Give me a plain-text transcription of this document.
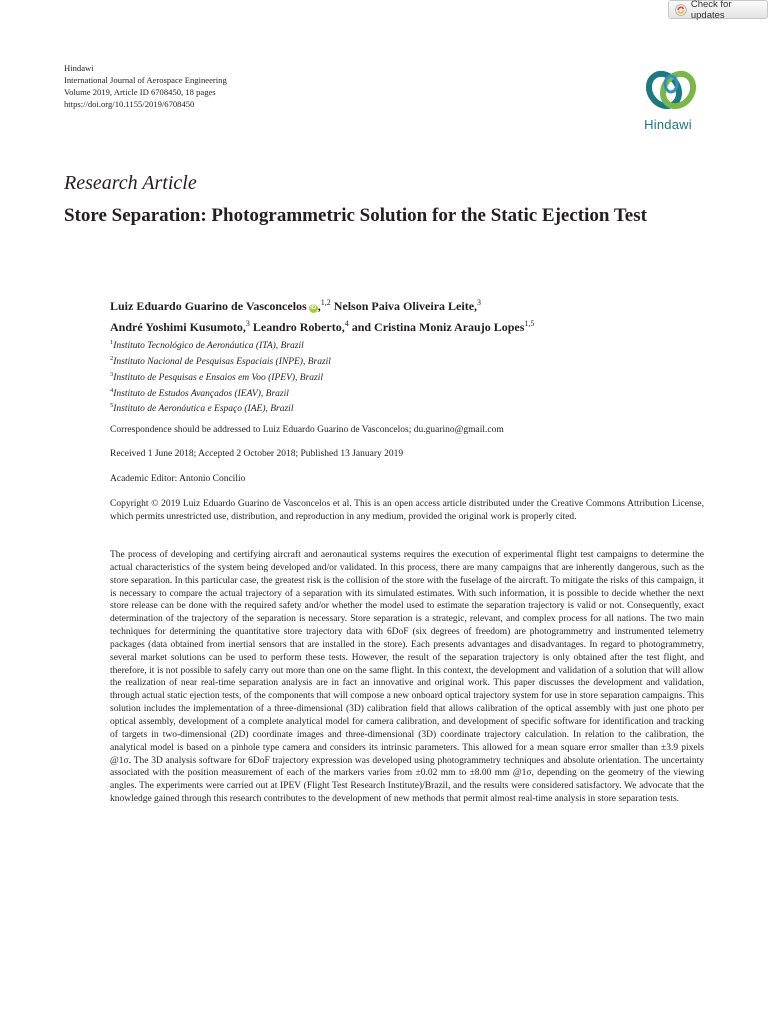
Check for updates
Hindawi
International Journal of Aerospace Engineering
Volume 2019, Article ID 6708450, 18 pages
https://doi.org/10.1155/2019/6708450
Hindawi
Research Article
Store Separation: Photogrammetric Solution for the Static Ejection Test
Luiz Eduardo Guarino de Vasconcelos iD ,$^{1,2}$ Nelson Paiva Oliveira Leite,$^3$
André Yoshimi Kusumoto,$^3$ Leandro Roberto,$^4$ and Cristina Moniz Araujo Lopes$^{1,5}$
$^1$Instituto Tecnológico de Aeronáutica (ITA), Brazil
$^2$Instituto Nacional de Pesquisas Espaciais (INPE), Brazil
$^3$Instituto de Pesquisas e Ensaios em Voo (IPEV), Brazil
$^4$Instituto de Estudos Avançados (IEAV), Brazil
$^5$Instituto de Aeronáutica e Espaço (IAE), Brazil

Correspondence should be addressed to Luiz Eduardo Guarino de Vasconcelos; du.guarino@gmail.com

Received 1 June 2018; Accepted 2 October 2018; Published 13 January 2019

Academic Editor: Antonio Concilio

Copyright © 2019 Luiz Eduardo Guarino de Vasconcelos et al. This is an open access article distributed under the Creative Commons Attribution License, which permits unrestricted use, distribution, and reproduction in any medium, provided the original work is properly cited.

The process of developing and certifying aircraft and aeronautical systems requires the execution of experimental flight test campaigns to determine the actual characteristics of the system being developed and/or validated. In this process, there are many campaigns that are inherently dangerous, such as the store separation. In this particular case, the greatest risk is the collision of the store with the fuselage of the aircraft. To mitigate the risks of this campaign, it is necessary to compare the actual trajectory of a separation with its simulated estimates. With such information, it is possible to decide whether the next store release can be done with the required safety and/or whether the model used to estimate the separation trajectory is valid or not. Consequently, exact determination of the trajectory of the separation is necessary. Store separation is a strategic, relevant, and complex process for all nations. The two main techniques for determining the quantitative store trajectory data with 6DoF (six degrees of freedom) are photogrammetry and instrumented telemetry packages (data obtained from inertial sensors that are installed in the store). Each presents advantages and disadvantages. In regard to photogrammetry, several market solutions can be used to perform these tests. However, the result of the separation trajectory is only obtained after the test flight, and therefore, it is not possible to safely carry out more than one on the same flight. In this context, the development and validation of a solution that will allow the realization of near real-time separation analysis are in fact an innovative and original work. This paper discusses the development and validation, through actual static ejection tests, of the components that will compose a new onboard optical trajectory system for use in store separation campaigns. This solution includes the implementation of a three-dimensional (3D) calibration field that allows calibration of the optical assembly with just one photo per optical assembly, development of a complete analytical model for camera calibration, and development of specific software for identification and tracking of targets in two-dimensional (2D) coordinate images and three-dimensional (3D) coordinate trajectory calculation. In relation to the calibration, the analytical model is based on a pinhole type camera and considers its intrinsic parameters. This allowed for a mean square error smaller than ±3.9 pixels @1σ. The 3D analysis software for 6DoF trajectory expression was developed using photogrammetry techniques and absolute orientation. The uncertainty associated with the position measurement of each of the markers varies from ±0.02 mm to ±8.00 mm @1σ, depending on the geometry of the viewing angles. The experiments were carried out at IPEV (Flight Test Research Institute)/Brazil, and the results were considered satisfactory. We advocate that the knowledge gained through this research contributes to the development of new methods that permit almost real-time analysis in store separation tests.
